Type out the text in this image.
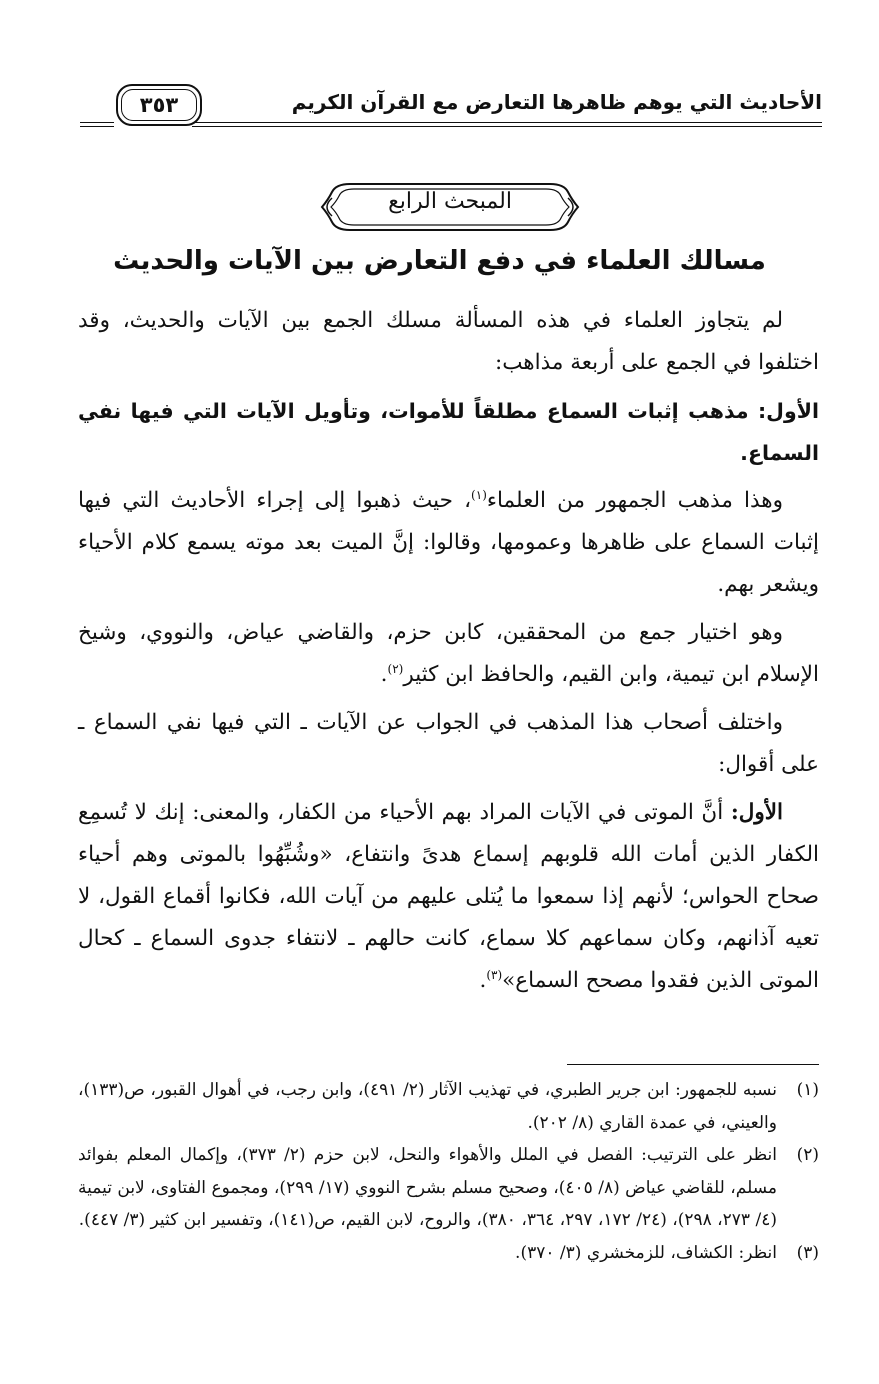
الأحاديث التي يوهم ظاهرها التعارض مع القرآن الكريم
٣٥٣
المبحث الرابع
مسالك العلماء في دفع التعارض بين الآيات والحديث

لم يتجاوز العلماء في هذه المسألة مسلك الجمع بين الآيات والحديث، وقد اختلفوا في الجمع على أربعة مذاهب:

الأول: مذهب إثبات السماع مطلقاً للأموات، وتأويل الآيات التي فيها نفي السماع.

وهذا مذهب الجمهور من العلماء$^{(١)}$، حيث ذهبوا إلى إجراء الأحاديث التي فيها إثبات السماع على ظاهرها وعمومها، وقالوا: إنَّ الميت بعد موته يسمع كلام الأحياء ويشعر بهم.

وهو اختيار جمع من المحققين، كابن حزم، والقاضي عياض، والنووي، وشيخ الإسلام ابن تيمية، وابن القيم، والحافظ ابن كثير$^{(٢)}$.

واختلف أصحاب هذا المذهب في الجواب عن الآيات ـ التي فيها نفي السماع ـ على أقوال:

الأول: أنَّ الموتى في الآيات المراد بهم الأحياء من الكفار، والمعنى: إنك لا تُسمِع الكفار الذين أمات الله قلوبهم إسماع هدىً وانتفاع، «وشُبِّهُوا بالموتى وهم أحياء صحاح الحواس؛ لأنهم إذا سمعوا ما يُتلى عليهم من آيات الله، فكانوا أقماع القول، لا تعيه آذانهم، وكان سماعهم كلا سماع، كانت حالهم ـ لانتفاء جدوى السماع ـ كحال الموتى الذين فقدوا مصحح السماع»$^{(٣)}$.

(١)
نسبه للجمهور: ابن جرير الطبري، في تهذيب الآثار (٢/ ٤٩١)، وابن رجب، في أهوال القبور، ص(١٣٣)، والعيني، في عمدة القاري (٨/ ٢٠٢).
(٢)
انظر على الترتيب: الفصل في الملل والأهواء والنحل، لابن حزم (٢/ ٣٧٣)، وإكمال المعلم بفوائد مسلم، للقاضي عياض (٨/ ٤٠٥)، وصحيح مسلم بشرح النووي (١٧/ ٢٩٩)، ومجموع الفتاوى، لابن تيمية (٤/ ٢٧٣، ٢٩٨)، (٢٤/ ١٧٢، ٢٩٧، ٣٦٤، ٣٨٠)، والروح، لابن القيم، ص(١٤١)، وتفسير ابن كثير (٣/ ٤٤٧).
(٣)
انظر: الكشاف، للزمخشري (٣/ ٣٧٠).
